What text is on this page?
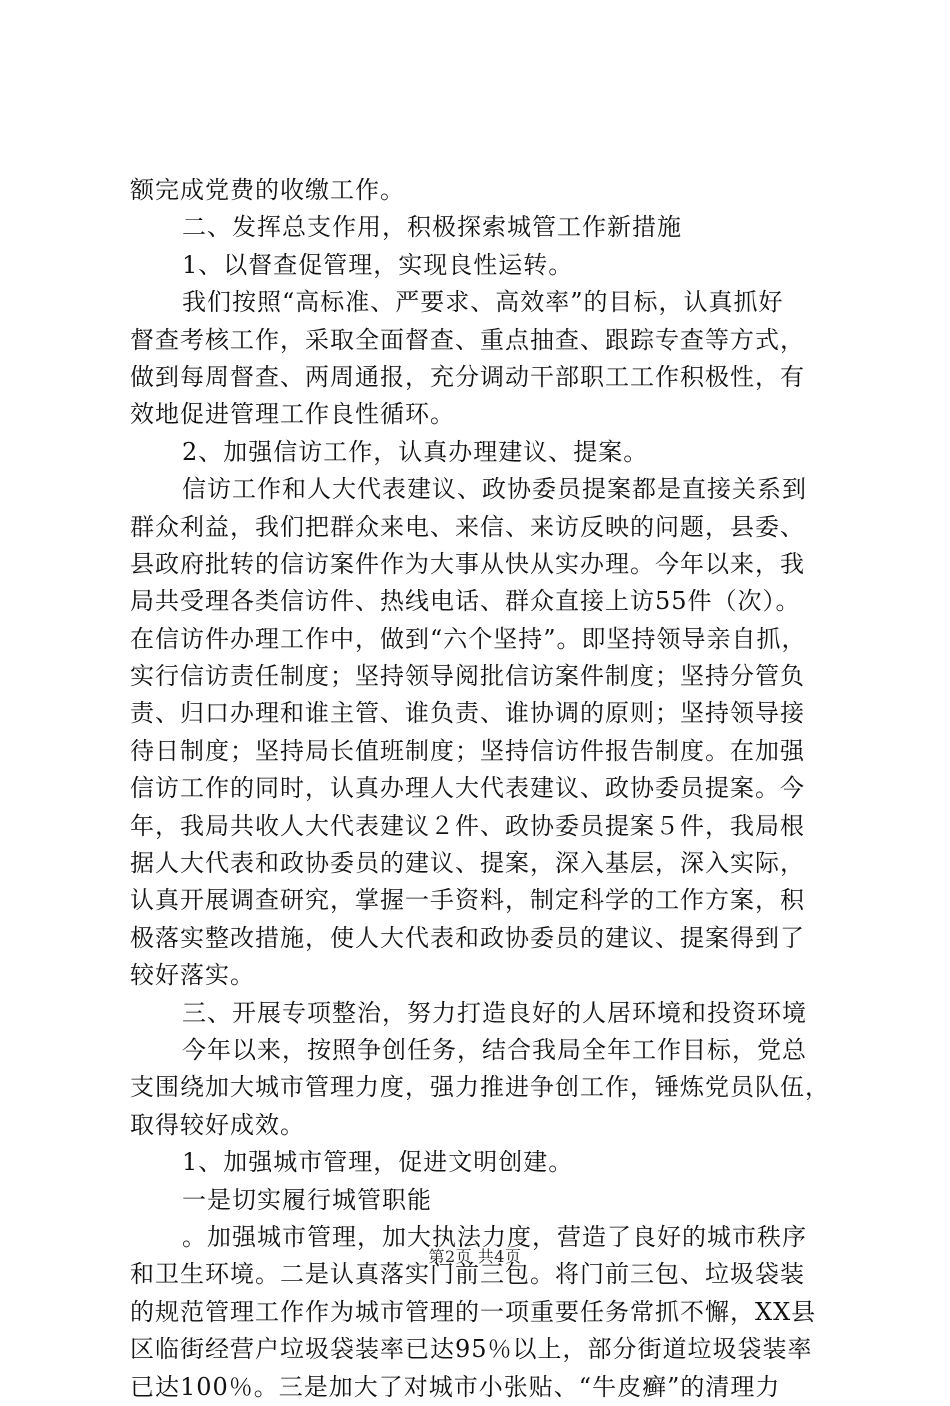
额完成党费的收缴工作。
二、发挥总支作用，积极探索城管工作新措施
1、以督查促管理，实现良性运转。
我们按照“高标准、严要求、高效率”的目标，认真抓好
督查考核工作，采取全面督查、重点抽查、跟踪专查等方式，
做到每周督查、两周通报，充分调动干部职工工作积极性，有
效地促进管理工作良性循环。
2、加强信访工作，认真办理建议、提案。
信访工作和人大代表建议、政协委员提案都是直接关系到
群众利益，我们把群众来电、来信、来访反映的问题，县委、
县政府批转的信访案件作为大事从快从实办理。今年以来，我
局共受理各类信访件、热线电话、群众直接上访55件（次）。
在信访件办理工作中，做到“六个坚持”。即坚持领导亲自抓，
实行信访责任制度；坚持领导阅批信访案件制度；坚持分管负
责、归口办理和谁主管、谁负责、谁协调的原则；坚持领导接
待日制度；坚持局长值班制度；坚持信访件报告制度。在加强
信访工作的同时，认真办理人大代表建议、政协委员提案。今
年，我局共收人大代表建议２件、政协委员提案５件，我局根
据人大代表和政协委员的建议、提案，深入基层，深入实际，
认真开展调查研究，掌握一手资料，制定科学的工作方案，积
极落实整改措施，使人大代表和政协委员的建议、提案得到了
较好落实。
三、开展专项整治，努力打造良好的人居环境和投资环境
今年以来，按照争创任务，结合我局全年工作目标，党总
支围绕加大城市管理力度，强力推进争创工作，锤炼党员队伍，
取得较好成效。
1、加强城市管理，促进文明创建。
一是切实履行城管职能
。加强城市管理，加大执法力度，营造了良好的城市秩序
和卫生环境。二是认真落实门前三包。将门前三包、垃圾袋装
的规范管理工作作为城市管理的一项重要任务常抓不懈，XX县
区临街经营户垃圾袋装率已达95％以上，部分街道垃圾袋装率
已达100％。三是加大了对城市小张贴、“牛皮癣”的清理力
第2页 共4页
